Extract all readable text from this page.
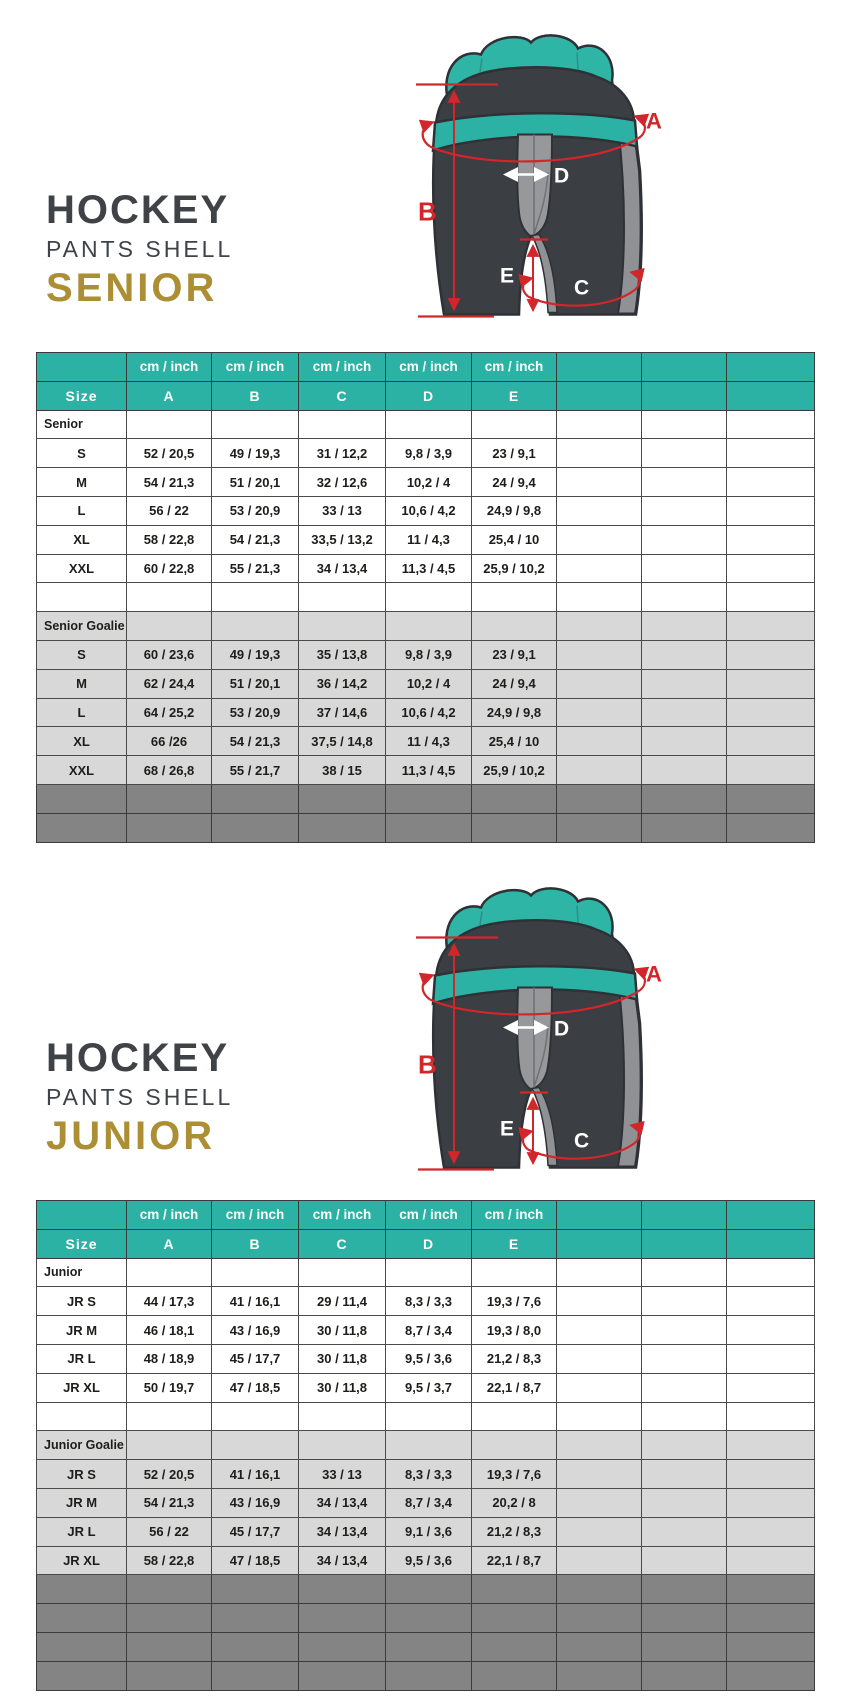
HOCKEY
PANTS SHELL
SENIOR
A
B
C
D
E
	cm / inch	cm / inch	cm / inch	cm / inch	cm / inch			
Size	A	B	C	D	E			
Senior								
S	52 / 20,5	49 / 19,3	31 / 12,2	9,8 / 3,9	23 / 9,1			
M	54 / 21,3	51 / 20,1	32 / 12,6	10,2 / 4	24 / 9,4			
L	56 / 22	53 / 20,9	33 / 13	10,6 / 4,2	24,9 / 9,8			
XL	58 / 22,8	54 / 21,3	33,5 / 13,2	11 / 4,3	25,4 / 10			
XXL	60 / 22,8	55 / 21,3	34 / 13,4	11,3 / 4,5	25,9 / 10,2			

Senior Goalie								
S	60 / 23,6	49 / 19,3	35 / 13,8	9,8 / 3,9	23 / 9,1			
M	62 / 24,4	51 / 20,1	36 / 14,2	10,2 / 4	24 / 9,4			
L	64 / 25,2	53 / 20,9	37 / 14,6	10,6 / 4,2	24,9 / 9,8			
XL	66 /26	54 / 21,3	37,5 / 14,8	11 / 4,3	25,4 / 10			
XXL	68 / 26,8	55 / 21,7	38 / 15	11,3 / 4,5	25,9 / 10,2			

HOCKEY
PANTS SHELL
JUNIOR
A
B
C
D
E
	cm / inch	cm / inch	cm / inch	cm / inch	cm / inch			
Size	A	B	C	D	E			
Junior								
JR S	44 / 17,3	41 / 16,1	29 / 11,4	8,3 / 3,3	19,3 / 7,6			
JR M	46 / 18,1	43 / 16,9	30 / 11,8	8,7 / 3,4	19,3 / 8,0			
JR L	48 / 18,9	45 / 17,7	30 / 11,8	9,5 / 3,6	21,2 / 8,3			
JR XL	50 / 19,7	47 / 18,5	30 / 11,8	9,5 / 3,7	22,1 / 8,7			

Junior Goalie								
JR S	52 / 20,5	41 / 16,1	33 / 13	8,3 / 3,3	19,3 / 7,6			
JR M	54 / 21,3	43 / 16,9	34 / 13,4	8,7 / 3,4	20,2 / 8			
JR L	56 / 22	45 / 17,7	34 / 13,4	9,1 / 3,6	21,2 / 8,3			
JR XL	58 / 22,8	47 / 18,5	34 / 13,4	9,5 / 3,6	22,1 / 8,7			
